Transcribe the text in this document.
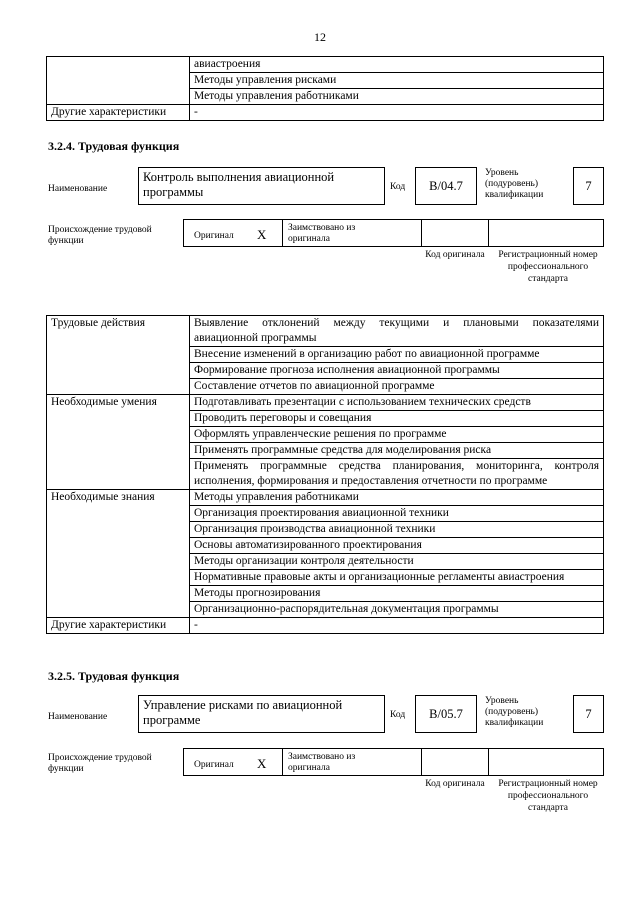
12
	авиастроения
	Методы управления рисками
	Методы управления работниками
Другие характеристики	-
3.2.4. Трудовая функция
Наименование
Контроль выполнения авиационной программы	Код	В/04.7
Уровень (подуровень) квалификации
7
Происхождение трудовой функции	Оригинал X Заимствовано из оригинала
Код оригинала	Регистрационный номер профессионального стандарта
Трудовые действия	Выявление отклонений между текущими и плановыми показателями авиационной программы
	Внесение изменений в организацию работ по авиационной программе
	Формирование прогноза исполнения авиационной программы
	Составление отчетов по авиационной программе
Необходимые умения	Подготавливать презентации с использованием технических средств
	Проводить переговоры и совещания
	Оформлять управленческие решения по программе
	Применять программные средства для моделирования риска
	Применять программные средства планирования, мониторинга, контроля исполнения, формирования и предоставления отчетности по программе
Необходимые знания	Методы управления работниками
	Организация проектирования авиационной техники
	Организация производства авиационной техники
	Основы автоматизированного проектирования
	Методы организации контроля деятельности
	Нормативные правовые акты и организационные регламенты авиастроения
	Методы прогнозирования
	Организационно-распорядительная документация программы
Другие характеристики	-
3.2.5. Трудовая функция
Наименование
Управление рисками по авиационной программе	Код	В/05.7
Уровень (подуровень) квалификации
7
Происхождение трудовой функции	Оригинал X Заимствовано из оригинала
Код оригинала	Регистрационный номер профессионального стандарта
